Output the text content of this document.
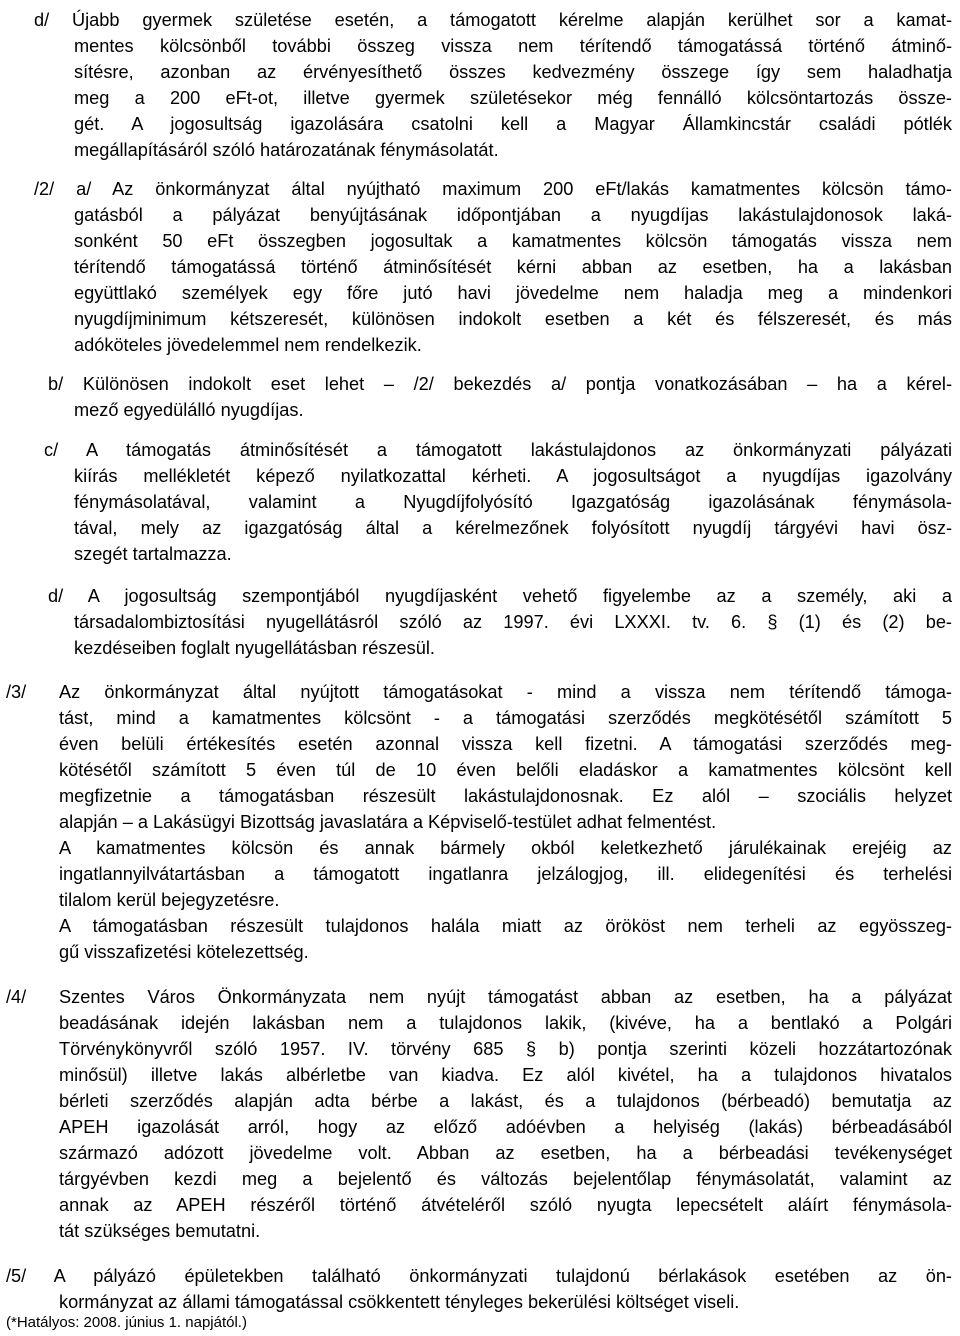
d/ Újabb gyermek születése esetén, a támogatott kérelme alapján kerülhet sor a kamat-
mentes kölcsönből további összeg vissza nem térítendő támogatássá történő átminő-
sítésre, azonban az érvényesíthető összes kedvezmény összege így sem haladhatja
meg a 200 eFt-ot, illetve gyermek születésekor még fennálló kölcsöntartozás össze-
gét. A jogosultság igazolására csatolni kell a Magyar Államkincstár családi pótlék
megállapításáról szóló határozatának fénymásolatát.
/2/ a/ Az önkormányzat által nyújtható maximum 200 eFt/lakás kamatmentes kölcsön támo-
gatásból a pályázat benyújtásának időpontjában a nyugdíjas lakástulajdonosok laká-
sonként 50 eFt összegben jogosultak a kamatmentes kölcsön támogatás vissza nem
térítendő támogatássá történő átminősítését kérni abban az esetben, ha a lakásban
együttlakó személyek egy főre jutó havi jövedelme nem haladja meg a mindenkori
nyugdíjminimum kétszeresét, különösen indokolt esetben a két és félszeresét, és más
adóköteles jövedelemmel nem rendelkezik.
b/ Különösen indokolt eset lehet – /2/ bekezdés a/ pontja vonatkozásában – ha a kérel-
mező egyedülálló nyugdíjas.
c/ A támogatás átminősítését a támogatott lakástulajdonos az önkormányzati pályázati
kiírás mellékletét képező nyilatkozattal kérheti. A jogosultságot a nyugdíjas igazolvány
fénymásolatával, valamint a Nyugdíjfolyósító Igazgatóság igazolásának fénymásola-
tával, mely az igazgatóság által a kérelmezőnek folyósított nyugdíj tárgyévi havi ösz-
szegét tartalmazza.
d/ A jogosultság szempontjából nyugdíjasként vehető figyelembe az a személy, aki a
társadalombiztosítási nyugellátásról szóló az 1997. évi LXXXI. tv. 6. § (1) és (2) be-
kezdéseiben foglalt nyugellátásban részesül.
/3/ Az önkormányzat által nyújtott támogatásokat - mind a vissza nem térítendő támoga-
tást, mind a kamatmentes kölcsönt - a támogatási szerződés megkötésétől számított 5
éven belüli értékesítés esetén azonnal vissza kell fizetni. A támogatási szerződés meg-
kötésétől számított 5 éven túl de 10 éven belőli eladáskor a kamatmentes kölcsönt kell
megfizetnie a támogatásban részesült lakástulajdonosnak. Ez alól – szociális helyzet
alapján – a Lakásügyi Bizottság javaslatára a Képviselő-testület adhat felmentést.
A kamatmentes kölcsön és annak bármely okból keletkezhető járulékainak erejéig az
ingatlannyilvátartásban a támogatott ingatlanra jelzálogjog, ill. elidegenítési és terhelési
tilalom kerül bejegyzetésre.
A támogatásban részesült tulajdonos halála miatt az örököst nem terheli az egyösszeg-
gű visszafizetési kötelezettség.
/4/ Szentes Város Önkormányzata nem nyújt támogatást abban az esetben, ha a pályázat
beadásának idején lakásban nem a tulajdonos lakik, (kivéve, ha a bentlakó a Polgári
Törvénykönyvről szóló 1957. IV. törvény 685 § b) pontja szerinti közeli hozzátartozónak
minősül) illetve lakás albérletbe van kiadva. Ez alól kivétel, ha a tulajdonos hivatalos
bérleti szerződés alapján adta bérbe a lakást, és a tulajdonos (bérbeadó) bemutatja az
APEH igazolását arról, hogy az előző adóévben a helyiség (lakás) bérbeadásából
származó adózott jövedelme volt. Abban az esetben, ha a bérbeadási tevékenységet
tárgyévben kezdi meg a bejelentő és változás bejelentőlap fénymásolatát, valamint az
annak az APEH részéről történő átvételéről szóló nyugta lepecsételt aláírt fénymásola-
tát szükséges bemutatni.
/5/ A pályázó épületekben található önkormányzati tulajdonú bérlakások esetében az ön-
kormányzat az állami támogatással csökkentett tényleges bekerülési költséget viseli.
(*Hatályos: 2008. június 1. napjától.)
